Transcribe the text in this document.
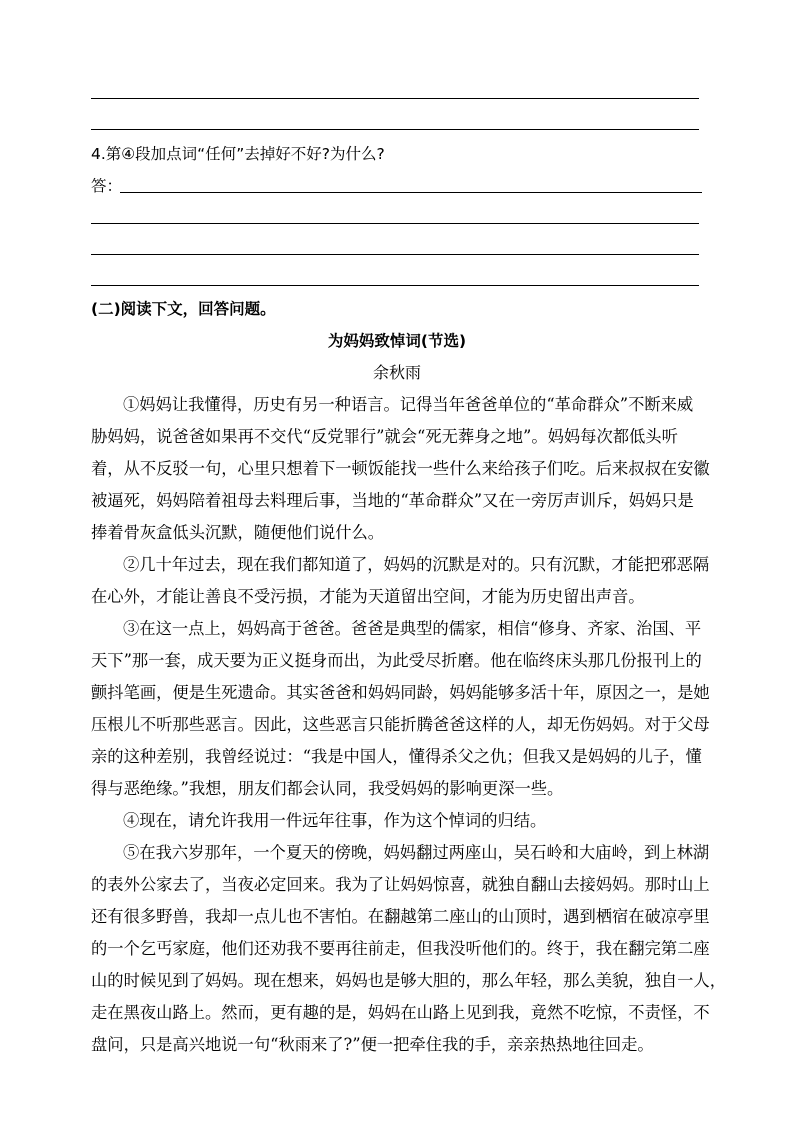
4.第④段加点词“任何”去掉好不好?为什么?
答：
(二)阅读下文，回答问题。
为妈妈致悼词(节选)
余秋雨
①妈妈让我懂得，历史有另一种语言。记得当年爸爸单位的“革命群众”不断来威
胁妈妈，说爸爸如果再不交代“反党罪行”就会“死无葬身之地”。妈妈每次都低头听
着，从不反驳一句，心里只想着下一顿饭能找一些什么来给孩子们吃。后来叔叔在安徽
被逼死，妈妈陪着祖母去料理后事，当地的“革命群众”又在一旁厉声训斥，妈妈只是
捧着骨灰盒低头沉默，随便他们说什么。
②几十年过去，现在我们都知道了，妈妈的沉默是对的。只有沉默，才能把邪恶隔
在心外，才能让善良不受污损，才能为天道留出空间，才能为历史留出声音。
③在这一点上，妈妈高于爸爸。爸爸是典型的儒家，相信“修身、齐家、治国、平
天下”那一套，成天要为正义挺身而出，为此受尽折磨。他在临终床头那几份报刊上的
颤抖笔画，便是生死遗命。其实爸爸和妈妈同龄，妈妈能够多活十年，原因之一，是她
压根儿不听那些恶言。因此，这些恶言只能折腾爸爸这样的人，却无伤妈妈。对于父母
亲的这种差别，我曾经说过：“我是中国人，懂得杀父之仇；但我又是妈妈的儿子，懂
得与恶绝缘。”我想，朋友们都会认同，我受妈妈的影响更深一些。
④现在，请允许我用一件远年往事，作为这个悼词的归结。
⑤在我六岁那年，一个夏天的傍晚，妈妈翻过两座山，吴石岭和大庙岭，到上林湖
的表外公家去了，当夜必定回来。我为了让妈妈惊喜，就独自翻山去接妈妈。那时山上
还有很多野兽，我却一点儿也不害怕。在翻越第二座山的山顶时，遇到栖宿在破凉亭里
的一个乞丐家庭，他们还劝我不要再往前走，但我没听他们的。终于，我在翻完第二座
山的时候见到了妈妈。现在想来，妈妈也是够大胆的，那么年轻，那么美貌，独自一人，
走在黑夜山路上。然而，更有趣的是，妈妈在山路上见到我，竟然不吃惊，不责怪，不
盘问，只是高兴地说一句“秋雨来了?”便一把牵住我的手，亲亲热热地往回走。
